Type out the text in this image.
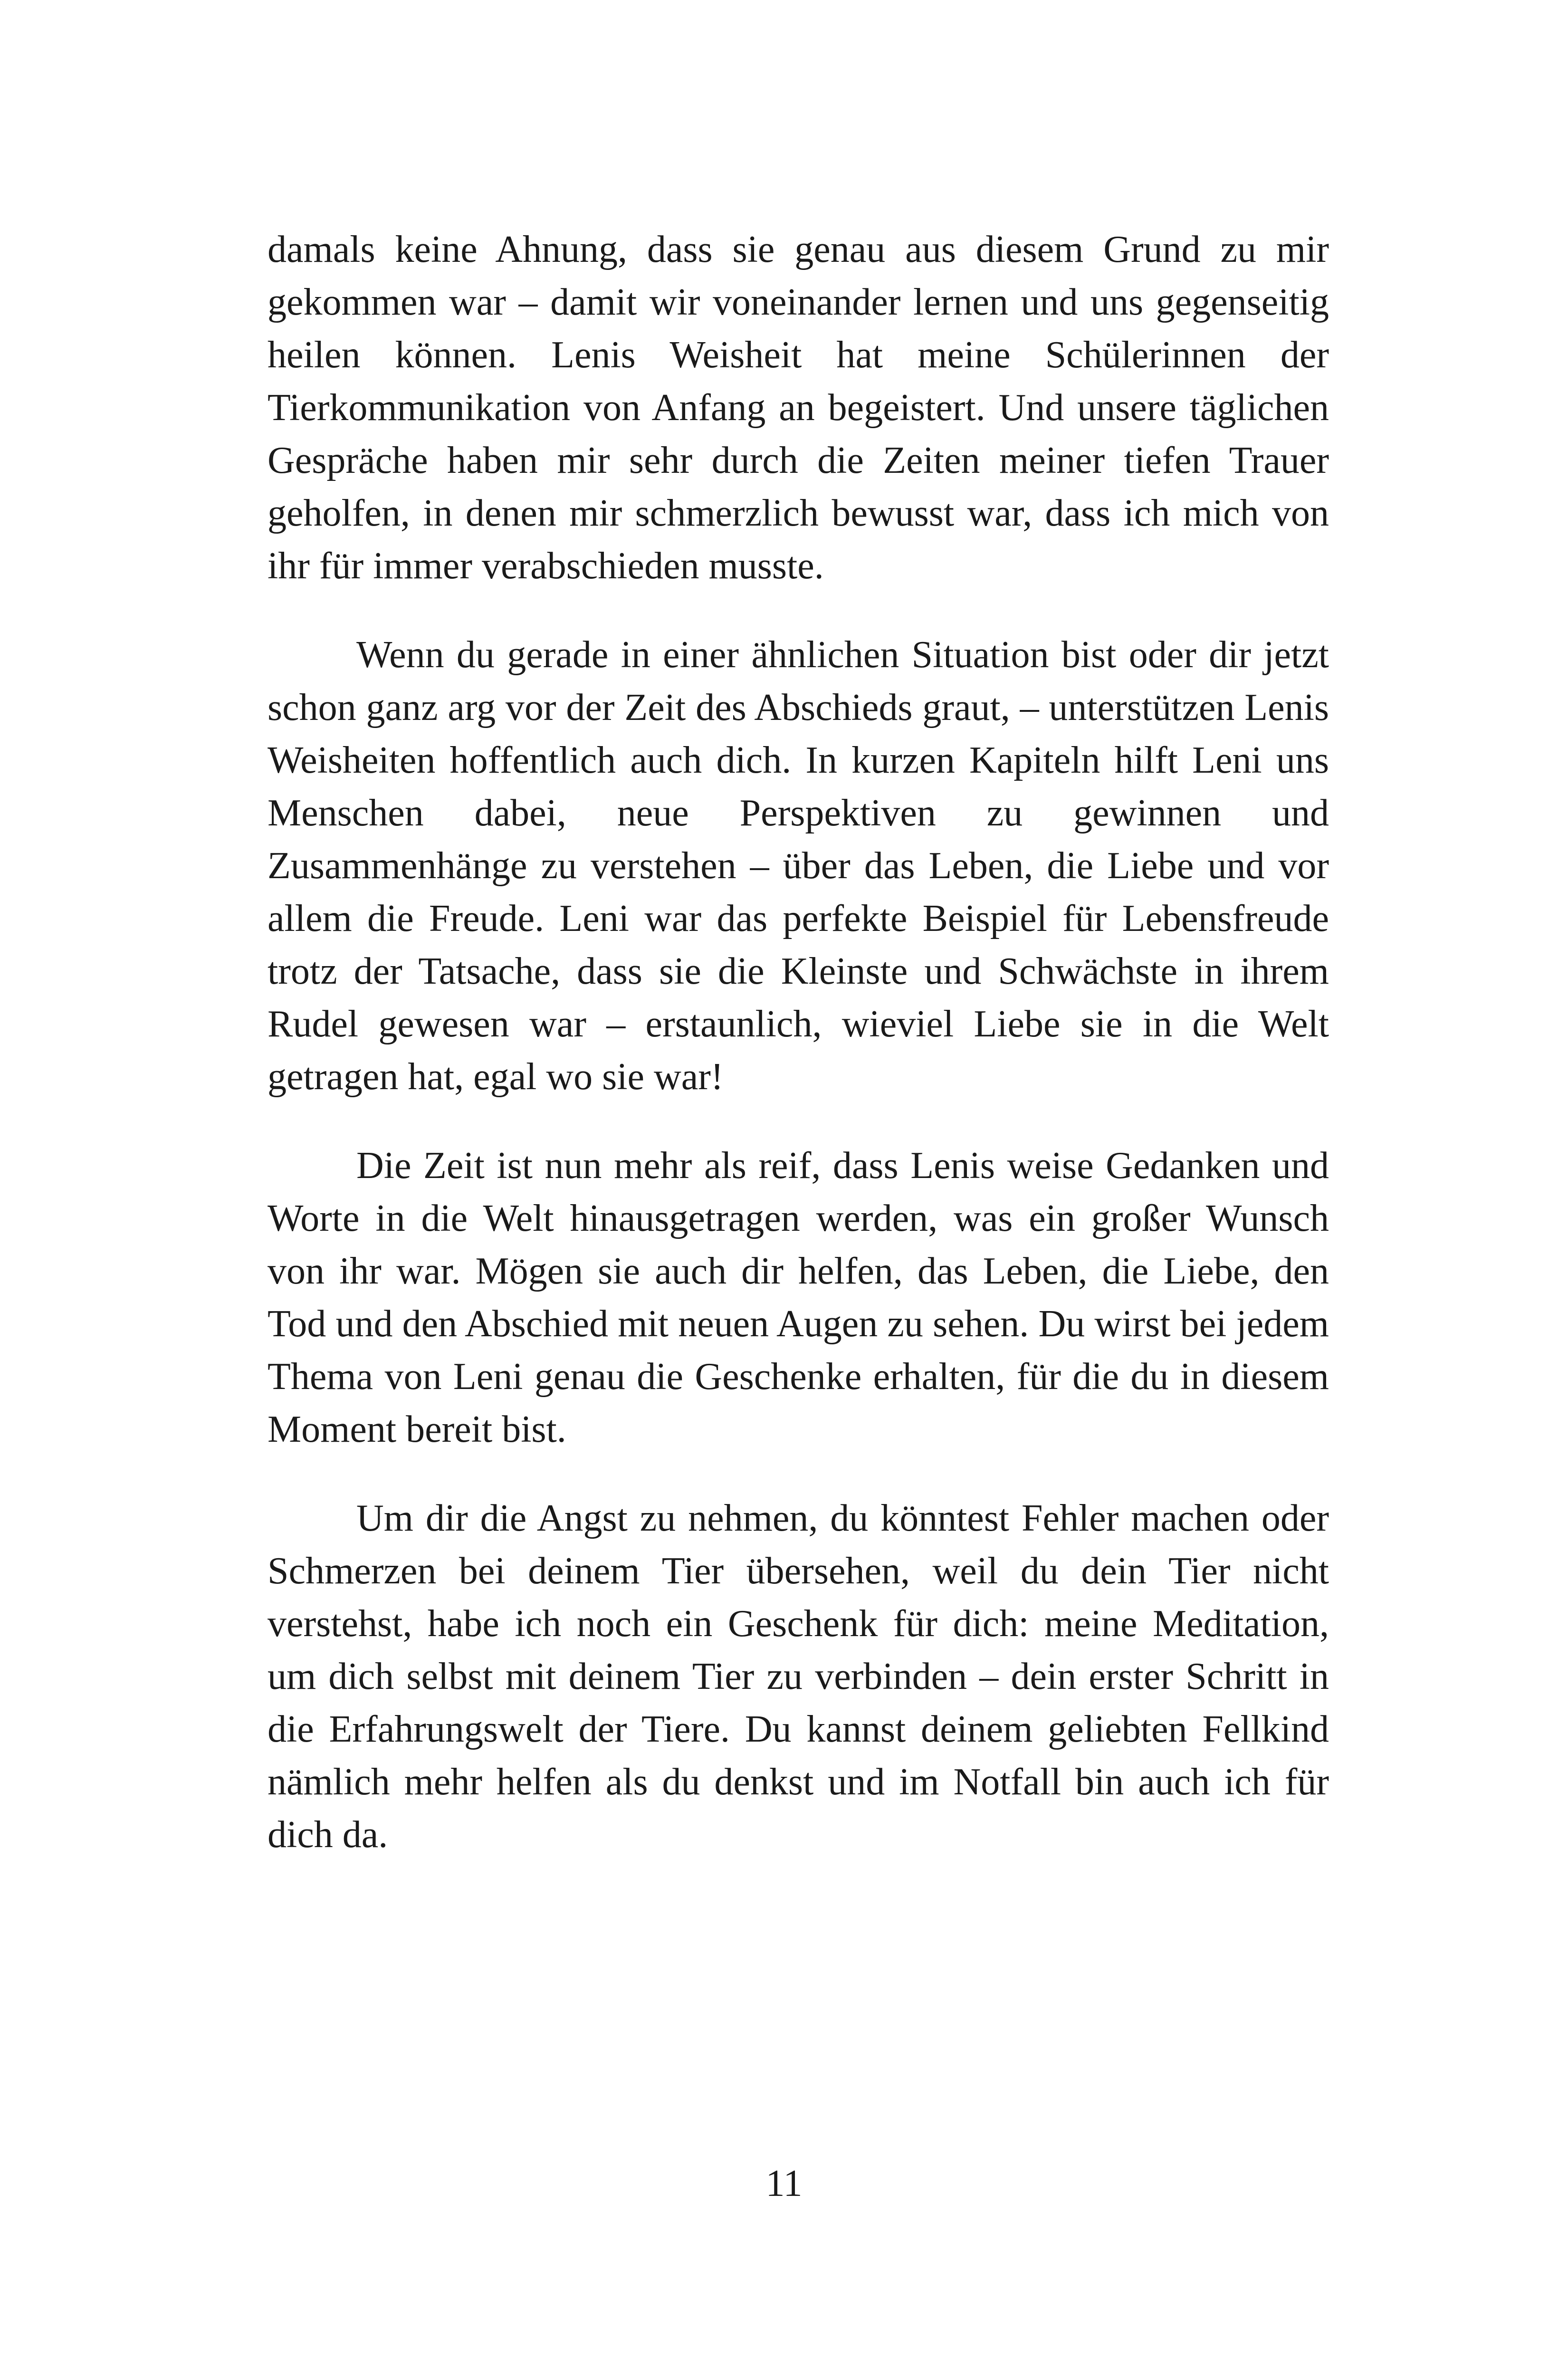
damals keine Ahnung, dass sie genau aus diesem Grund zu mir gekommen war – damit wir voneinander lernen und uns gegenseitig heilen können. Lenis Weisheit hat meine Schülerinnen der Tierkommunikation von Anfang an begeistert. Und unsere täglichen Gespräche haben mir sehr durch die Zeiten meiner tiefen Trauer geholfen, in denen mir schmerzlich bewusst war, dass ich mich von ihr für immer verabschieden musste.

Wenn du gerade in einer ähnlichen Situation bist oder dir jetzt schon ganz arg vor der Zeit des Abschieds graut, – unterstützen Lenis Weisheiten hoffentlich auch dich. In kurzen Kapiteln hilft Leni uns Menschen dabei, neue Perspektiven zu gewinnen und Zusammenhänge zu verstehen – über das Leben, die Liebe und vor allem die Freude. Leni war das perfekte Beispiel für Lebensfreude trotz der Tatsache, dass sie die Kleinste und Schwächste in ihrem Rudel gewesen war – erstaunlich, wieviel Liebe sie in die Welt getragen hat, egal wo sie war!

Die Zeit ist nun mehr als reif, dass Lenis weise Gedanken und Worte in die Welt hinausgetragen werden, was ein großer Wunsch von ihr war. Mögen sie auch dir helfen, das Leben, die Liebe, den Tod und den Abschied mit neuen Augen zu sehen. Du wirst bei jedem Thema von Leni genau die Geschenke erhalten, für die du in diesem Moment bereit bist.

Um dir die Angst zu nehmen, du könntest Fehler machen oder Schmerzen bei deinem Tier übersehen, weil du dein Tier nicht verstehst, habe ich noch ein Geschenk für dich: meine Meditation, um dich selbst mit deinem Tier zu verbinden – dein erster Schritt in die Erfahrungswelt der Tiere. Du kannst deinem geliebten Fellkind nämlich mehr helfen als du denkst und im Notfall bin auch ich für dich da.

11
